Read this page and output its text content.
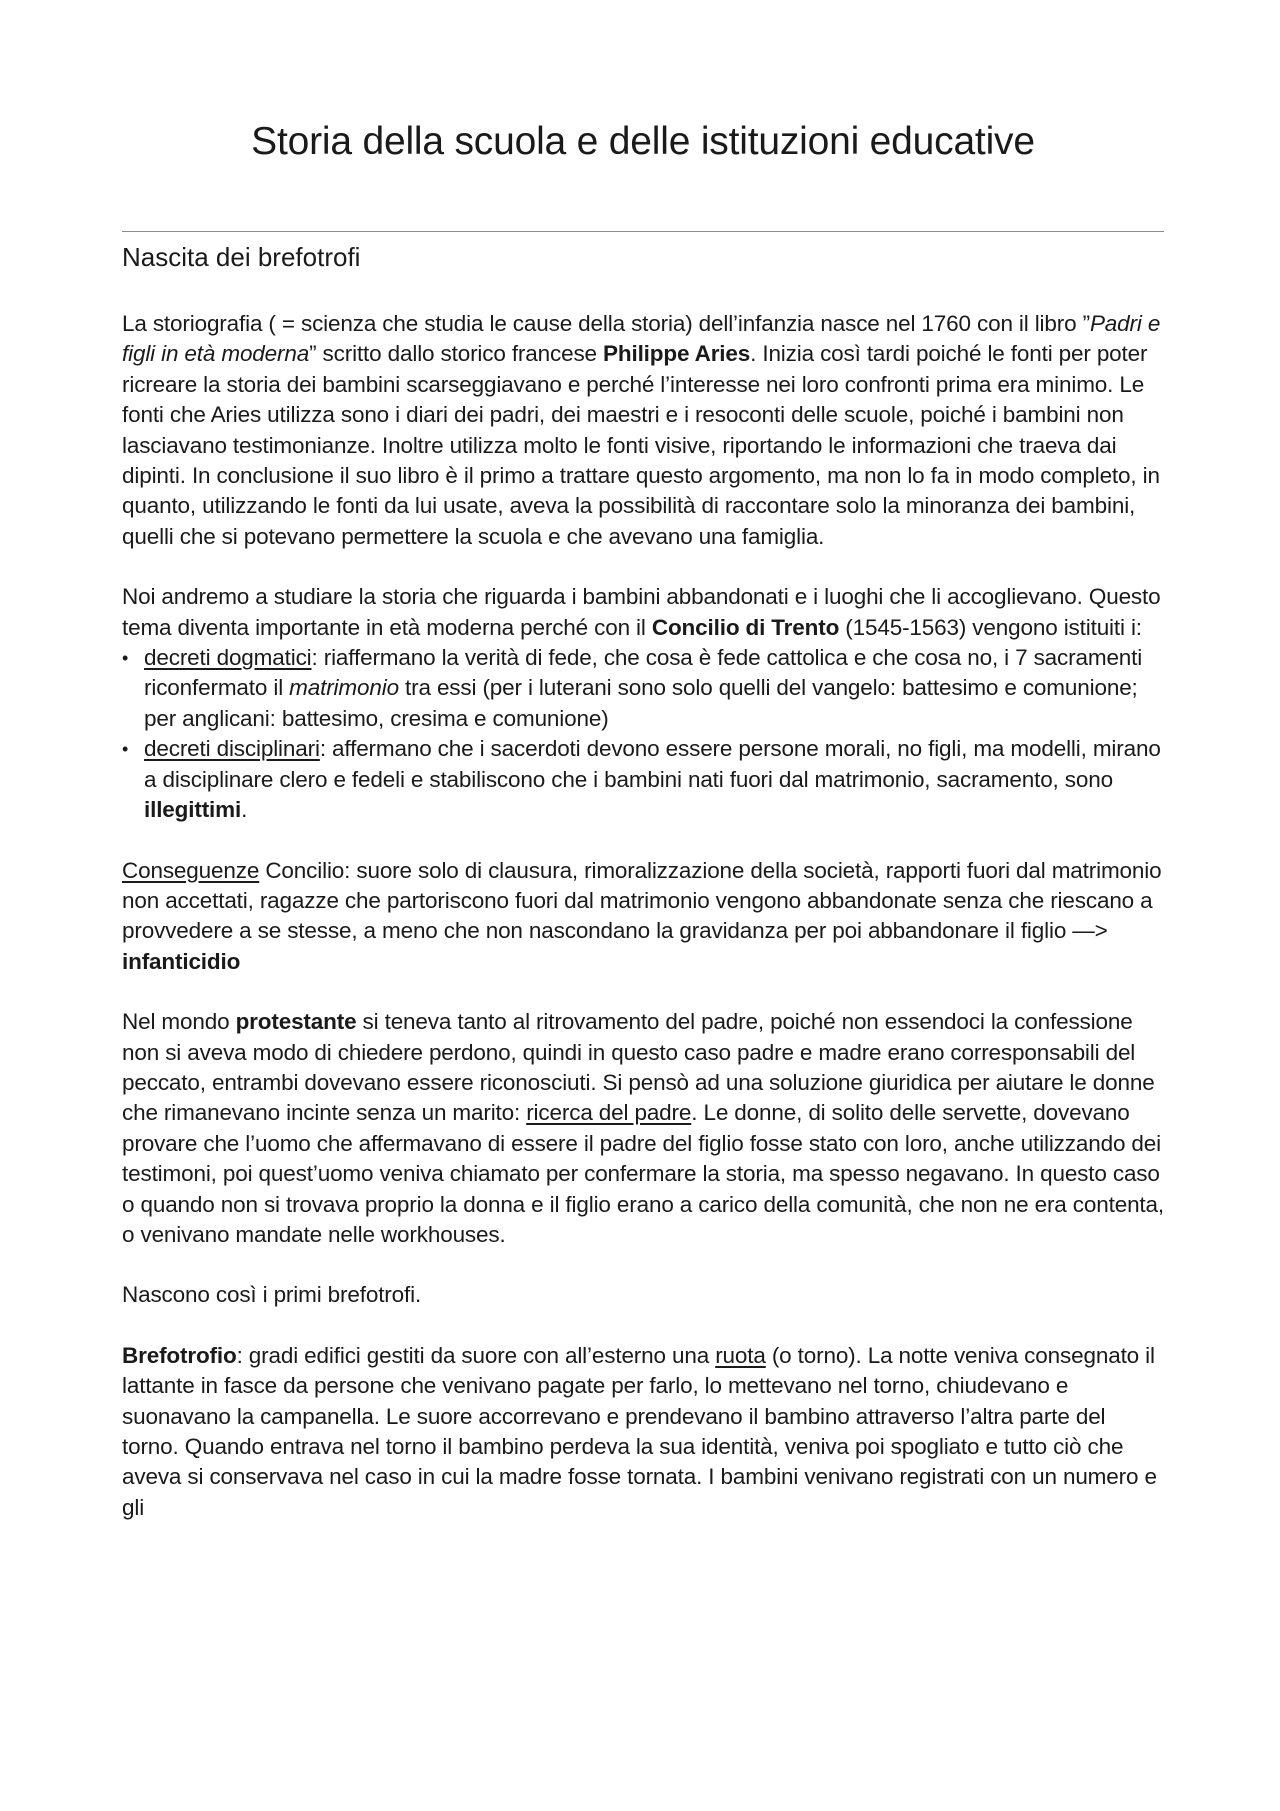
Storia della scuola e delle istituzioni educative
Nascita dei brefotrofi

La storiografia ( = scienza che studia le cause della storia) dell’infanzia nasce nel 1760 con il libro ”Padri e figli in età moderna” scritto dallo storico francese Philippe Aries. Inizia così tardi poiché le fonti per poter ricreare la storia dei bambini scarseggiavano e perché l’interesse nei loro confronti prima era minimo. Le fonti che Aries utilizza sono i diari dei padri, dei maestri e i resoconti delle scuole, poiché i bambini non lasciavano testimonianze. Inoltre utilizza molto le fonti visive, riportando le informazioni che traeva dai dipinti. In conclusione il suo libro è il primo a trattare questo argomento, ma non lo fa in modo completo, in quanto, utilizzando le fonti da lui usate, aveva la possibilità di raccontare solo la minoranza dei bambini, quelli che si potevano permettere la scuola e che avevano una famiglia.

Noi andremo a studiare la storia che riguarda i bambini abbandonati e i luoghi che li accoglievano. Questo tema diventa importante in età moderna perché con il Concilio di Trento (1545-1563) vengono istituiti i:

• decreti dogmatici: riaffermano la verità di fede, che cosa è fede cattolica e che cosa no, i 7 sacramenti riconfermato il matrimonio tra essi (per i luterani sono solo quelli del vangelo: battesimo e comunione; per anglicani: battesimo, cresima e comunione)
• decreti disciplinari: affermano che i sacerdoti devono essere persone morali, no figli, ma modelli, mirano a disciplinare clero e fedeli e stabiliscono che i bambini nati fuori dal matrimonio, sacramento, sono illegittimi.

Conseguenze Concilio: suore solo di clausura, rimoralizzazione della società, rapporti fuori dal matrimonio non accettati, ragazze che partoriscono fuori dal matrimonio vengono abbandonate senza che riescano a provvedere a se stesse, a meno che non nascondano la gravidanza per poi abbandonare il figlio —> infanticidio

Nel mondo protestante si teneva tanto al ritrovamento del padre, poiché non essendoci la confessione non si aveva modo di chiedere perdono, quindi in questo caso padre e madre erano corresponsabili del peccato, entrambi dovevano essere riconosciuti. Si pensò ad una soluzione giuridica per aiutare le donne che rimanevano incinte senza un marito: ricerca del padre. Le donne, di solito delle servette, dovevano provare che l’uomo che affermavano di essere il padre del figlio fosse stato con loro, anche utilizzando dei testimoni, poi quest’uomo veniva chiamato per confermare la storia, ma spesso negavano. In questo caso o quando non si trovava proprio la donna e il figlio erano a carico della comunità, che non ne era contenta, o venivano mandate nelle workhouses.

Nascono così i primi brefotrofi.

Brefotrofio: gradi edifici gestiti da suore con all’esterno una ruota (o torno). La notte veniva consegnato il lattante in fasce da persone che venivano pagate per farlo, lo mettevano nel torno, chiudevano e suonavano la campanella. Le suore accorrevano e prendevano il bambino attraverso l’altra parte del torno. Quando entrava nel torno il bambino perdeva la sua identità, veniva poi spogliato e tutto ciò che aveva si conservava nel caso in cui la madre fosse tornata. I bambini venivano registrati con un numero e gli
